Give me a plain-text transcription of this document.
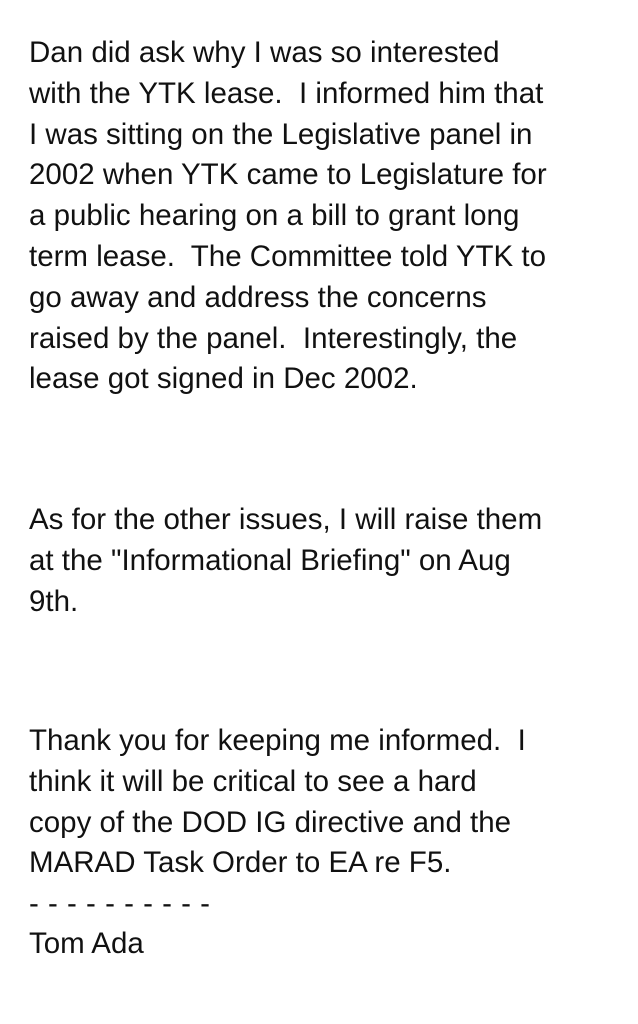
Dan did ask why I was so interested
with the YTK lease.  I informed him that
I was sitting on the Legislative panel in
2002 when YTK came to Legislature for
a public hearing on a bill to grant long
term lease.  The Committee told YTK to
go away and address the concerns
raised by the panel.  Interestingly, the
lease got signed in Dec 2002.
As for the other issues, I will raise them
at the "Informational Briefing" on Aug
9th.
Thank you for keeping me informed.  I
think it will be critical to see a hard
copy of the DOD IG directive and the
MARAD Task Order to EA re F5.
- - - - - - - - - -
Tom Ada
